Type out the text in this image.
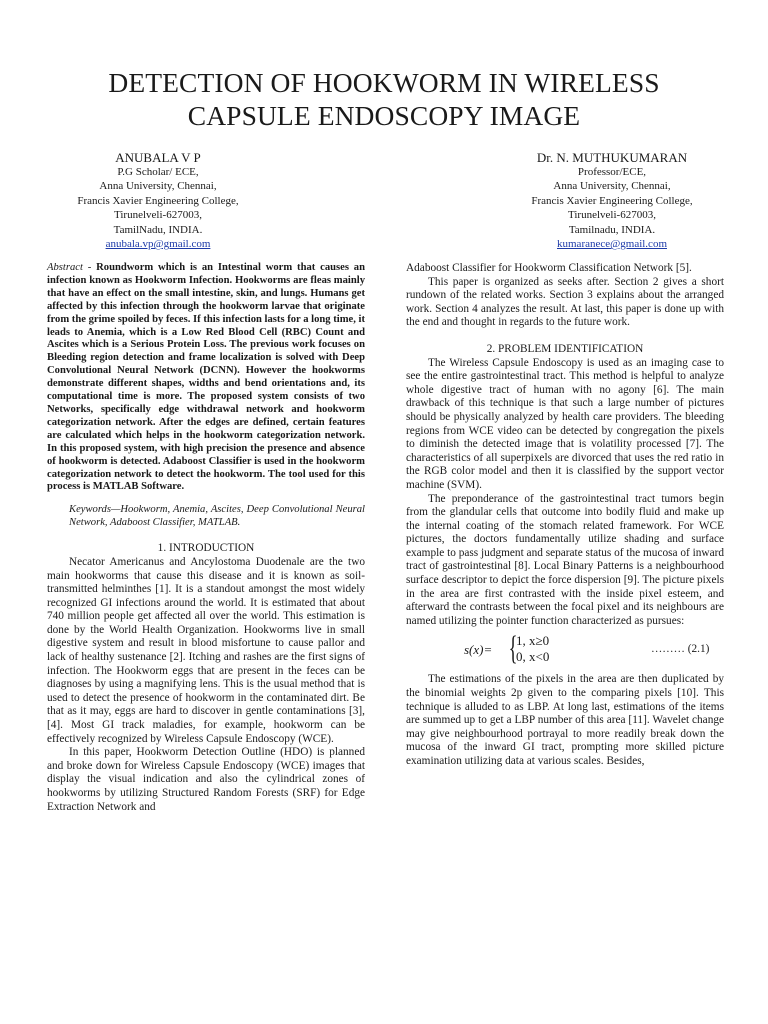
DETECTION OF HOOKWORM IN WIRELESS
CAPSULE ENDOSCOPY IMAGE
ANUBALA V P
P.G Scholar/ ECE,
Anna University, Chennai,
Francis Xavier Engineering College,
Tirunelveli-627003,
TamilNadu, INDIA.
anubala.vp@gmail.com
Dr. N. MUTHUKUMARAN
Professor/ECE,
Anna University, Chennai,
Francis Xavier Engineering College,
Tirunelveli-627003,
Tamilnadu, INDIA.
kumaranece@gmail.com

Abstract - Roundworm which is an Intestinal worm that causes an infection known as Hookworm Infection. Hookworms are fleas mainly that have an effect on the small intestine, skin, and lungs. Humans get affected by this infection through the hookworm larvae that originate from the grime spoiled by feces. If this infection lasts for a long time, it leads to Anemia, which is a Low Red Blood Cell (RBC) Count and Ascites which is a Serious Protein Loss. The previous work focuses on Bleeding region detection and frame localization is solved with Deep Convolutional Neural Network (DCNN). However the hookworms demonstrate different shapes, widths and bend orientations and, its computational time is more. The proposed system consists of two Networks, specifically edge withdrawal network and hookworm categorization network. After the edges are defined, certain features are calculated which helps in the hookworm categorization network. In this proposed system, with high precision the presence and absence of hookworm is detected. Adaboost Classifier is used in the hookworm categorization network to detect the hookworm. The tool used for this process is MATLAB Software.

Keywords—Hookworm, Anemia, Ascites, Deep Convolutional Neural Network, Adaboost Classifier, MATLAB.

1. INTRODUCTION

Necator Americanus and Ancylostoma Duodenale are the two main hookworms that cause this disease and it is known as soil-transmitted helminthes [1]. It is a standout amongst the most widely recognized GI infections around the world. It is estimated that about 740 million people get affected all over the world. This estimation is done by the World Health Organization. Hookworms live in small digestive system and result in blood misfortune to cause pallor and lack of healthy sustenance [2]. Itching and rashes are the first signs of infection. The Hookworm eggs that are present in the feces can be diagnoses by using a magnifying lens. This is the usual method that is used to detect the presence of hookworm in the contaminated dirt. Be that as it may, eggs are hard to discover in gentle contaminations [3], [4]. Most GI track maladies, for example, hookworm can be effectively recognized by Wireless Capsule Endoscopy (WCE).

In this paper, Hookworm Detection Outline (HDO) is planned and broke down for Wireless Capsule Endoscopy (WCE) images that display the visual indication and also the cylindrical zones of hookworms by utilizing Structured Random Forests (SRF) for Edge Extraction Network and

Adaboost Classifier for Hookworm Classification Network [5].

This paper is organized as seeks after. Section 2 gives a short rundown of the related works. Section 3 explains about the arranged work. Section 4 analyzes the result. At last, this paper is done up with the end and thought in regards to the future work.

2. PROBLEM IDENTIFICATION

The Wireless Capsule Endoscopy is used as an imaging case to see the entire gastrointestinal tract. This method is helpful to analyze whole digestive tract of human with no agony [6]. The main drawback of this technique is that such a large number of pictures should be physically analyzed by health care providers. The bleeding regions from WCE video can be detected by congregation the pixels to diminish the detected image that is volatility processed [7]. The characteristics of all superpixels are divorced that uses the red ratio in the RGB color model and then it is classified by the support vector machine (SVM).

The preponderance of the gastrointestinal tract tumors begin from the glandular cells that outcome into bodily fluid and make up the internal coating of the stomach related framework. For WCE pictures, the doctors fundamentally utilize shading and surface example to pass judgment and separate status of the mucosa of inward tract of gastrointestinal [8]. Local Binary Patterns is a neighbourhood surface descriptor to depict the force dispersion [9]. The picture pixels in the area are first contrasted with the inside pixel esteem, and afterward the contrasts between the focal pixel and its neighbours are named utilizing the pointer function characterized as pursues:

s(x)= {
1, x≥0
0, x<0	……… (2.1)

The estimations of the pixels in the area are then duplicated by the binomial weights 2p given to the comparing pixels [10]. This technique is alluded to as LBP. At long last, estimations of the items are summed up to get a LBP number of this area [11]. Wavelet change may give neighbourhood portrayal to more readily break down the mucosa of the inward GI tract, prompting more skilled picture examination utilizing data at various scales. Besides,
